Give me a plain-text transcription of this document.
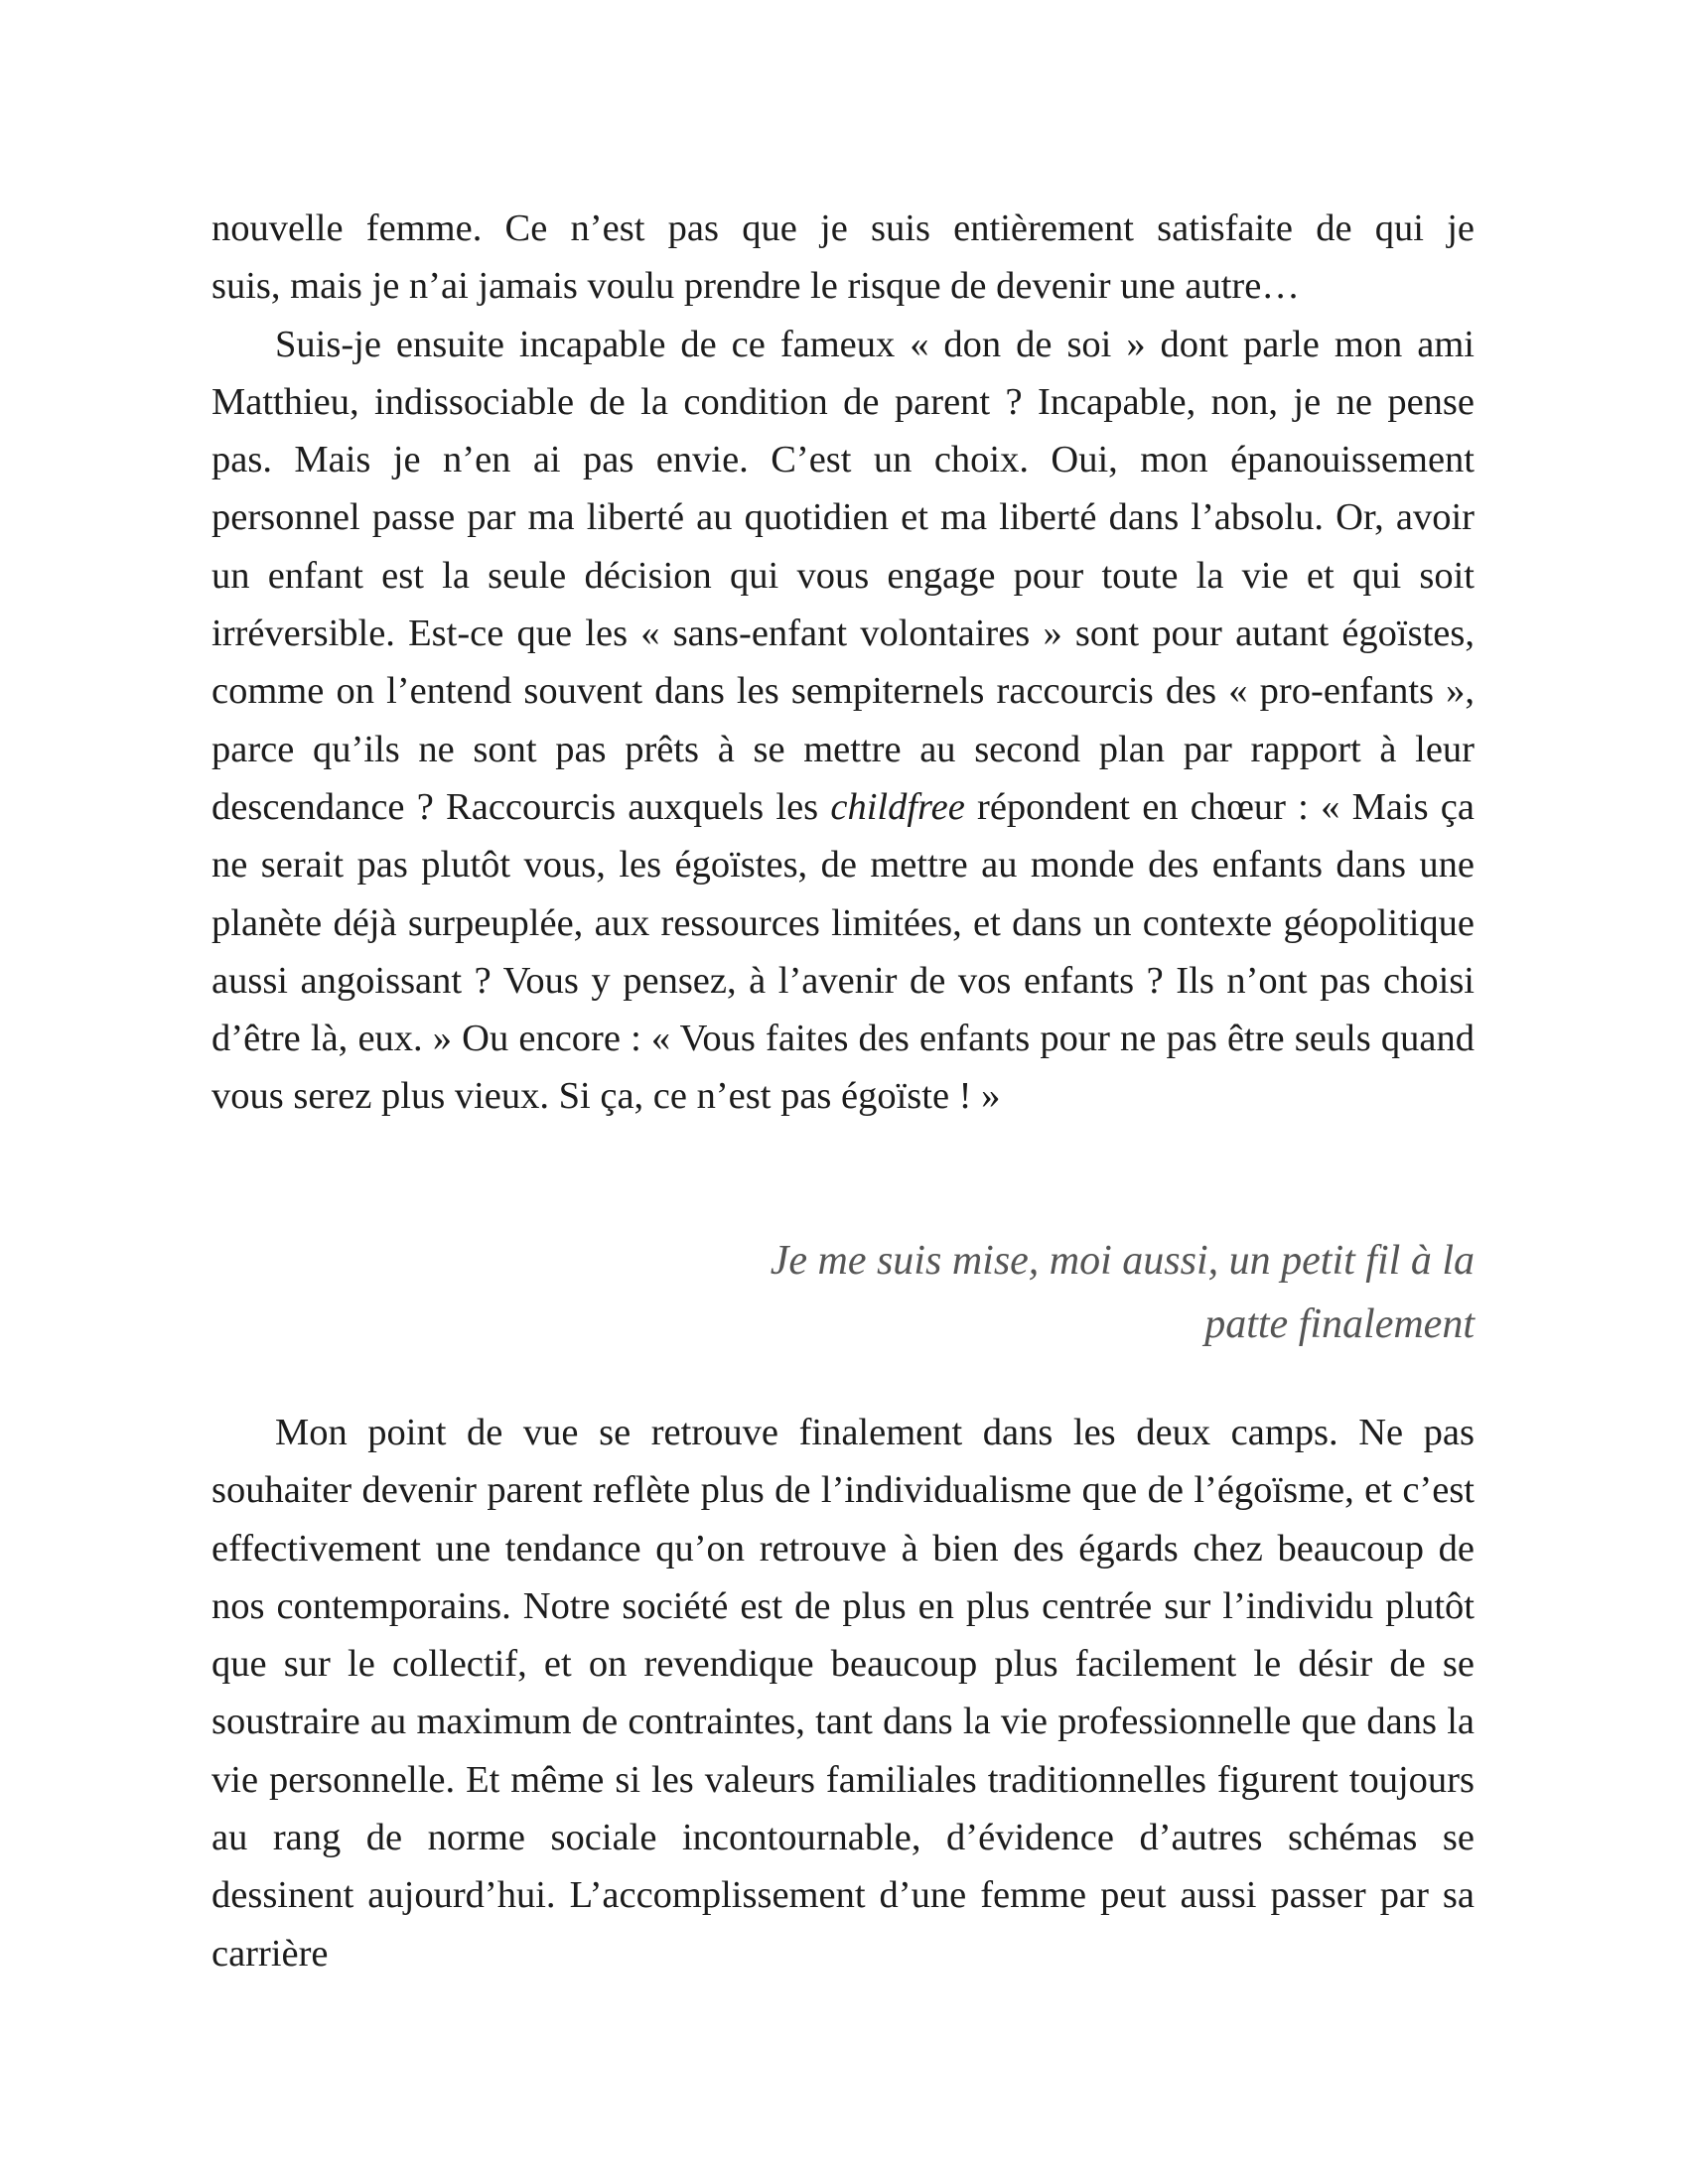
nouvelle femme. Ce n’est pas que je suis entièrement satisfaite de qui je

suis, mais je n’ai jamais voulu prendre le risque de devenir une autre…

Suis-je ensuite incapable de ce fameux « don de soi » dont parle mon ami Matthieu, indissociable de la condition de parent ? Incapable, non, je ne pense pas. Mais je n’en ai pas envie. C’est un choix. Oui, mon épanouissement personnel passe par ma liberté au quotidien et ma liberté dans l’absolu. Or, avoir un enfant est la seule décision qui vous engage pour toute la vie et qui soit irréversible. Est-ce que les « sans-enfant volontaires » sont pour autant égoïstes, comme on l’entend souvent dans les sempiternels raccourcis des « pro-enfants », parce qu’ils ne sont pas prêts à se mettre au second plan par rapport à leur descendance ? Raccourcis auxquels les childfree répondent en chœur : « Mais ça ne serait pas plutôt vous, les égoïstes, de mettre au monde des enfants dans une planète déjà surpeuplée, aux ressources limitées, et dans un contexte géopolitique aussi angoissant ? Vous y pensez, à l’avenir de vos enfants ? Ils n’ont pas choisi d’être là, eux. » Ou encore : « Vous faites des enfants pour ne pas être seuls quand vous serez plus vieux. Si ça, ce n’est pas égoïste ! »

Je me suis mise, moi aussi, un petit fil à la
patte finalement

Mon point de vue se retrouve finalement dans les deux camps. Ne pas souhaiter devenir parent reflète plus de l’individualisme que de l’égoïsme, et c’est effectivement une tendance qu’on retrouve à bien des égards chez beaucoup de nos contemporains. Notre société est de plus en plus centrée sur l’individu plutôt que sur le collectif, et on revendique beaucoup plus facilement le désir de se soustraire au maximum de contraintes, tant dans la vie professionnelle que dans la vie personnelle. Et même si les valeurs familiales traditionnelles figurent toujours au rang de norme sociale incontournable, d’évidence d’autres schémas se dessinent aujourd’hui. L’accomplissement d’une femme peut aussi passer par sa carrière
